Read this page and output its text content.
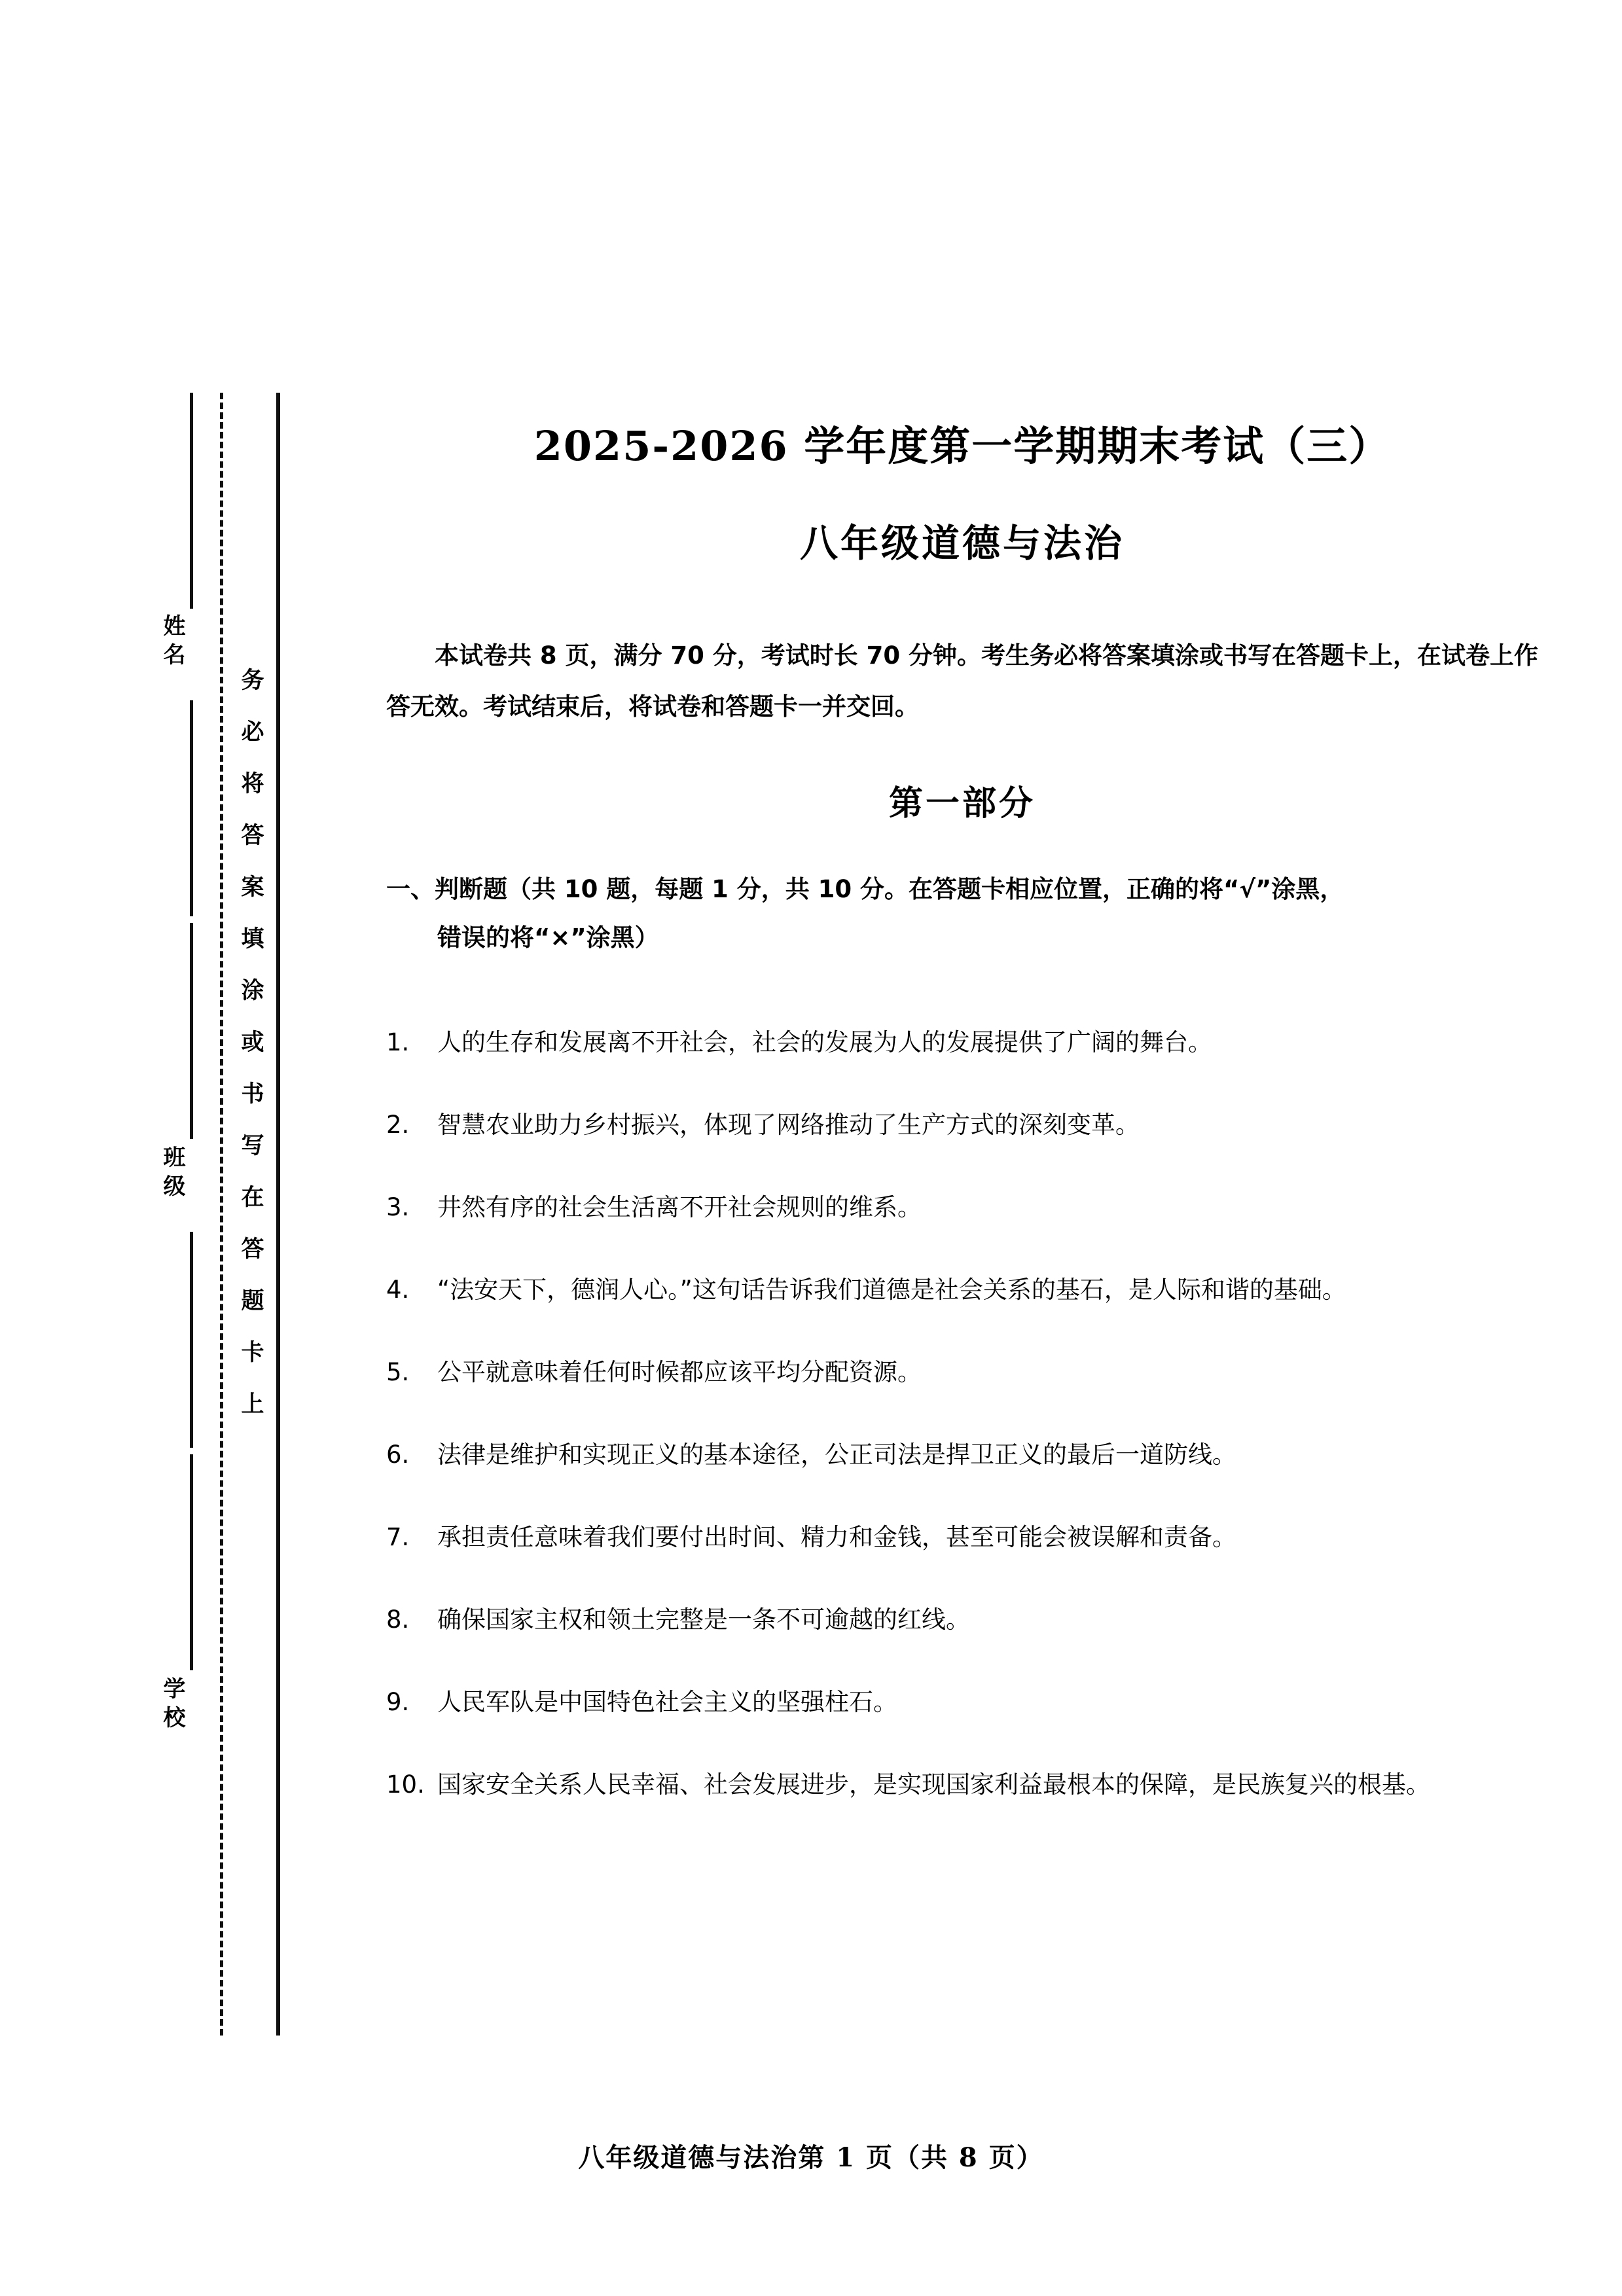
务必将答案填涂或书写在答题卡上
姓名
班级
学校
2025-2026 学年度第一学期期末考试（三）
八年级道德与法治

本试卷共 8 页，满分 70 分，考试时长 70 分钟。考生务必将答案填涂或书写在答题卡上，在试卷上作答无效。考试结束后，将试卷和答题卡一并交回。

第一部分
一、判断题（共 10 题，每题 1 分，共 10 分。在答题卡相应位置，正确的将“√”涂黑，
错误的将“×”涂黑）
1.	人的生存和发展离不开社会，社会的发展为人的发展提供了广阔的舞台。
2.	智慧农业助力乡村振兴，体现了网络推动了生产方式的深刻变革。
3.	井然有序的社会生活离不开社会规则的维系。
4.	“法安天下，德润人心。”这句话告诉我们道德是社会关系的基石，是人际和谐的基础。
5.	公平就意味着任何时候都应该平均分配资源。
6.	法律是维护和实现正义的基本途径，公正司法是捍卫正义的最后一道防线。
7.	承担责任意味着我们要付出时间、精力和金钱，甚至可能会被误解和责备。
8.	确保国家主权和领土完整是一条不可逾越的红线。
9.	人民军队是中国特色社会主义的坚强柱石。
10. 国家安全关系人民幸福、社会发展进步，是实现国家利益最根本的保障，是民族复兴的根基。
八年级道德与法治第 1 页（共 8 页）
